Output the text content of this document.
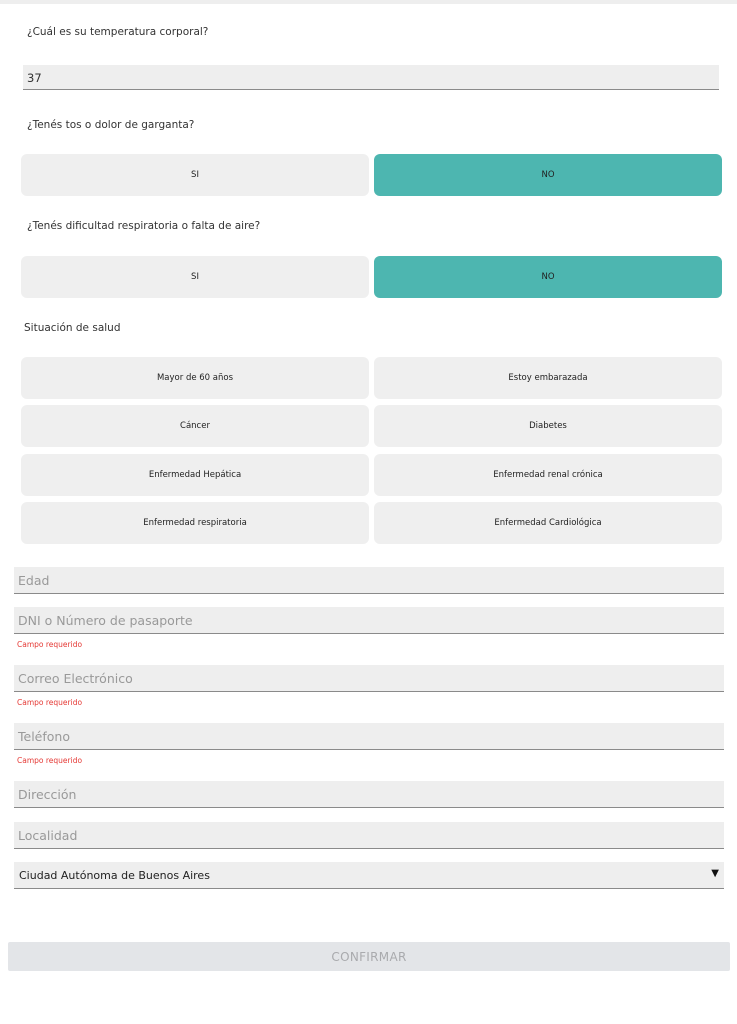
¿Cuál es su temperatura corporal?
37
¿Tenés tos o dolor de garganta?
SI	NO
¿Tenés dificultad respiratoria o falta de aire?
SI	NO
Situación de salud
Mayor de 60 años	Estoy embarazada
Cáncer	Diabetes
Enfermedad Hepática	Enfermedad renal crónica
Enfermedad respiratoria	Enfermedad Cardiológica
Edad
DNI o Número de pasaporte
Campo requerido
Correo Electrónico
Campo requerido
Teléfono
Campo requerido
Dirección
Localidad
Ciudad Autónoma de Buenos Aires	▼
CONFIRMAR
